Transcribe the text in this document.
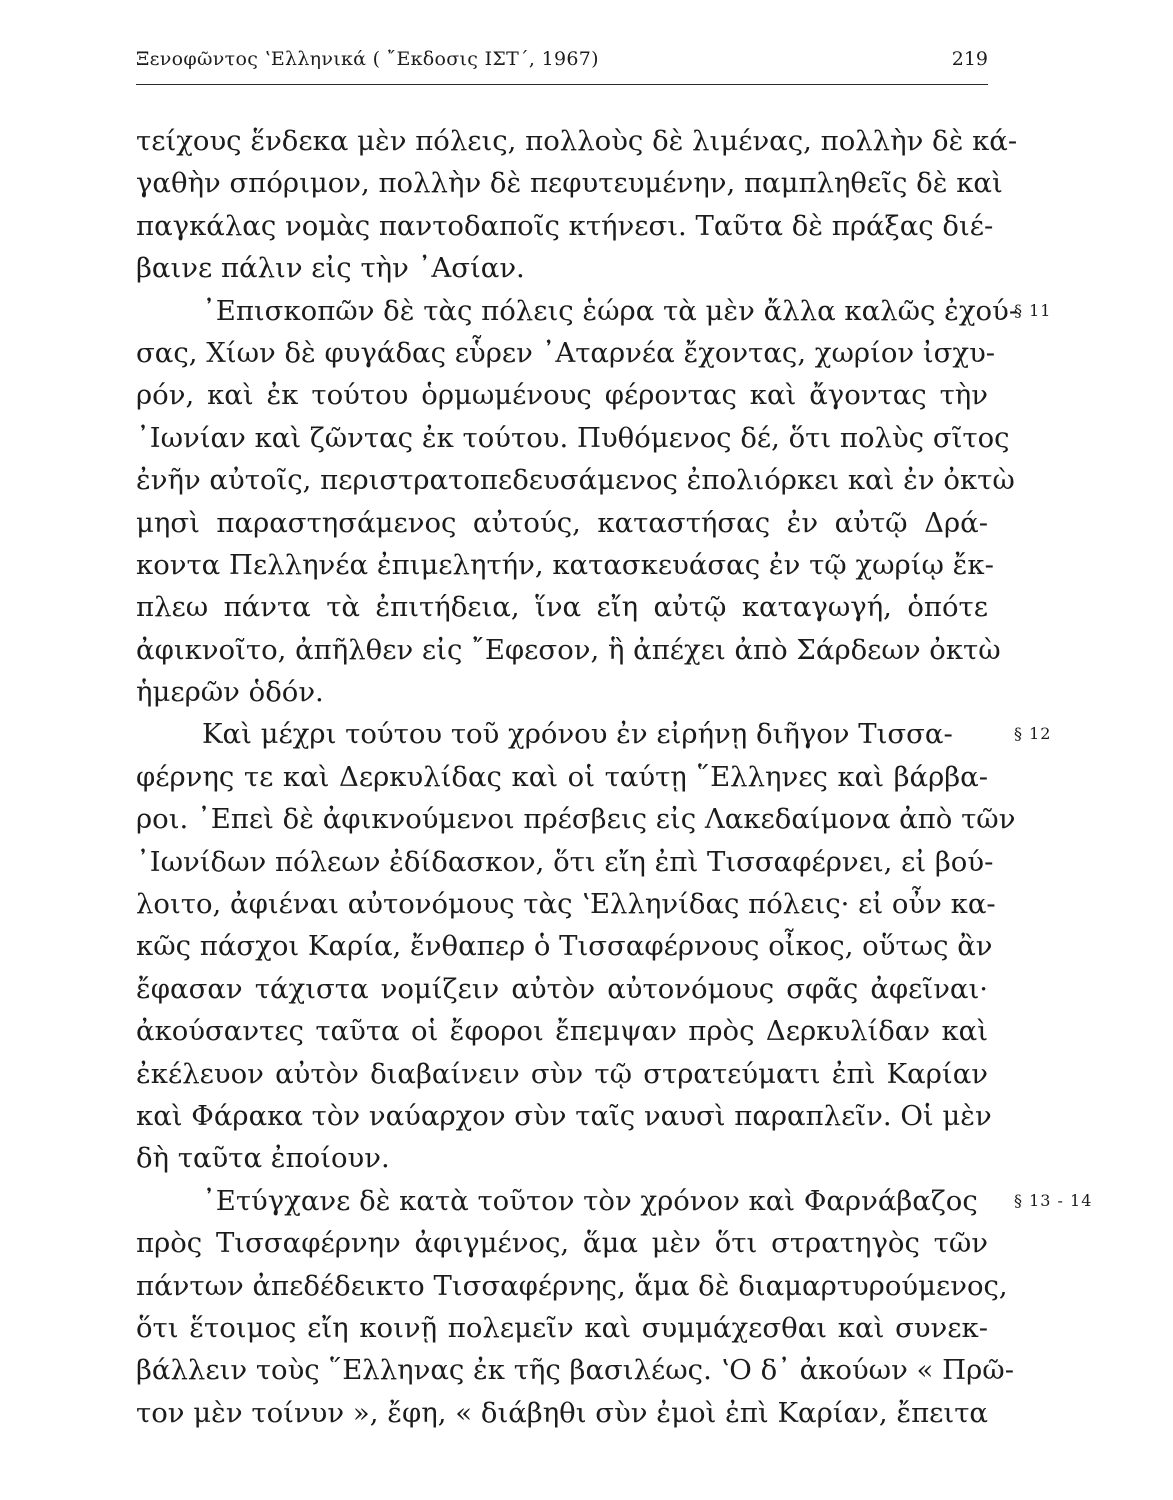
Ξενοφῶντος ʽΕλληνικά ( ῎Εκδοσις ΙΣΤ΄, 1967)	219
τείχους ἕνδεκα μὲν πόλεις, πολλοὺς δὲ λιμένας, πολλὴν δὲ κά-
γαθὴν σπόριμον, πολλὴν δὲ πεφυτευμένην, παμπληθεῖς δὲ καὶ
παγκάλας νομὰς παντοδαποῖς κτήνεσι. Ταῦτα δὲ πράξας διέ-
βαινε πάλιν εἰς τὴν ᾿Ασίαν.
᾿Επισκοπῶν δὲ τὰς πόλεις ἑώρα τὰ μὲν ἄλλα καλῶς ἐχού-
§ 11
σας, Χίων δὲ φυγάδας εὗρεν ᾿Αταρνέα ἔχοντας, χωρίον ἰσχυ-
ρόν, καὶ ἐκ τούτου ὁρμωμένους φέροντας καὶ ἄγοντας τὴν
᾿Ιωνίαν καὶ ζῶντας ἐκ τούτου. Πυθόμενος δέ, ὅτι πολὺς σῖτος
ἐνῆν αὐτοῖς, περιστρατοπεδευσάμενος ἐπολιόρκει καὶ ἐν ὀκτὼ
μησὶ παραστησάμενος αὐτούς, καταστήσας ἐν αὐτῷ Δρά-
κοντα Πελληνέα ἐπιμελητήν, κατασκευάσας ἐν τῷ χωρίῳ ἔκ-
πλεω πάντα τὰ ἐπιτήδεια, ἵνα εἴη αὐτῷ καταγωγή, ὁπότε
ἀφικνοῖτο, ἀπῆλθεν εἰς ῎Εφεσον, ἣ ἀπέχει ἀπὸ Σάρδεων ὀκτὼ
ἡμερῶν ὁδόν.
Καὶ μέχρι τούτου τοῦ χρόνου ἐν εἰρήνῃ διῆγον Τισσα-	§ 12
φέρνης τε καὶ Δερκυλίδας καὶ οἱ ταύτῃ ῞Ελληνες καὶ βάρβα-
ροι. ᾿Επεὶ δὲ ἀφικνούμενοι πρέσβεις εἰς Λακεδαίμονα ἀπὸ τῶν
᾿Ιωνίδων πόλεων ἐδίδασκον, ὅτι εἴη ἐπὶ Τισσαφέρνει, εἰ βού-
λοιτο, ἀφιέναι αὐτονόμους τὰς ʽΕλληνίδας πόλεις· εἰ οὖν κα-
κῶς πάσχοι Καρία, ἔνθαπερ ὁ Τισσαφέρνους οἶκος, οὕτως ἂν
ἔφασαν τάχιστα νομίζειν αὐτὸν αὐτονόμους σφᾶς ἀφεῖναι·
ἀκούσαντες ταῦτα οἱ ἔφοροι ἔπεμψαν πρὸς Δερκυλίδαν καὶ
ἐκέλευον αὐτὸν διαβαίνειν σὺν τῷ στρατεύματι ἐπὶ Καρίαν
καὶ Φάρακα τὸν ναύαρχον σὺν ταῖς ναυσὶ παραπλεῖν. Οἱ μὲν
δὴ ταῦτα ἐποίουν.
᾿Ετύγχανε δὲ κατὰ τοῦτον τὸν χρόνον καὶ Φαρνάβαζος § 13 - 14
πρὸς Τισσαφέρνην ἀφιγμένος, ἅμα μὲν ὅτι στρατηγὸς τῶν
πάντων ἀπεδέδεικτο Τισσαφέρνης, ἅμα δὲ διαμαρτυρούμενος,
ὅτι ἕτοιμος εἴη κοινῇ πολεμεῖν καὶ συμμάχεσθαι καὶ συνεκ-
βάλλειν τοὺς ῞Ελληνας ἐκ τῆς βασιλέως. ʽΟ δ᾿ ἀκούων « Πρῶ-
τον μὲν τοίνυν », ἔφη, « διάβηθι σὺν ἐμοὶ ἐπὶ Καρίαν, ἔπειτα
